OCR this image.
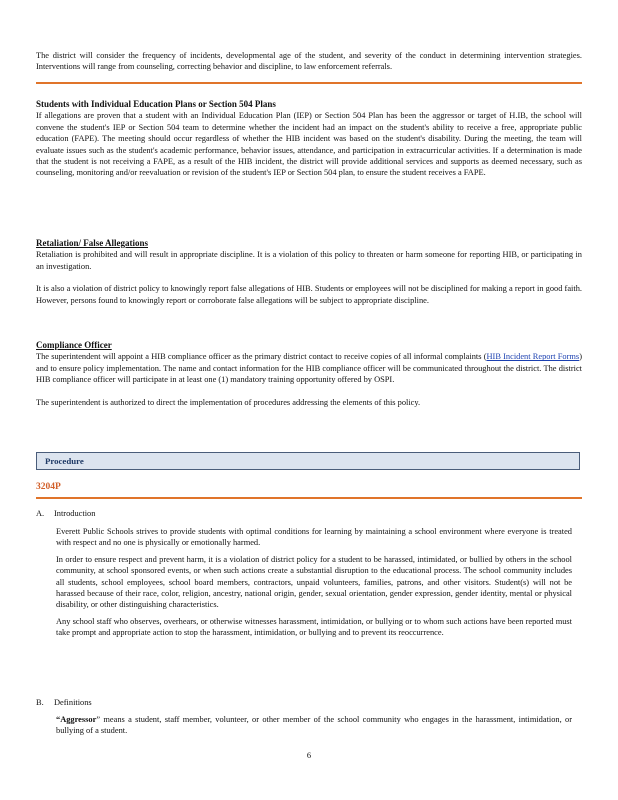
The district will consider the frequency of incidents, developmental age of the student, and severity of the conduct in determining intervention strategies. Interventions will range from counseling, correcting behavior and discipline, to law enforcement referrals.

Students with Individual Education Plans or Section 504 Plans

If allegations are proven that a student with an Individual Education Plan (IEP) or Section 504 Plan has been the aggressor or target of H.IB, the school will convene the student's IEP or Section 504 team to determine whether the incident had an impact on the student's ability to receive a free, appropriate public education (FAPE). The meeting should occur regardless of whether the HIB incident was based on the student's disability. During the meeting, the team will evaluate issues such as the student's academic performance, behavior issues, attendance, and participation in extracurricular activities. If a determination is made that the student is not receiving a FAPE, as a result of the HIB incident, the district will provide additional services and supports as deemed necessary, such as counseling, monitoring and/or reevaluation or revision of the student's IEP or Section 504 plan, to ensure the student receives a FAPE.

Retaliation/ False Allegations

Retaliation is prohibited and will result in appropriate discipline. It is a violation of this policy to threaten or harm someone for reporting HIB, or participating in an investigation.

It is also a violation of district policy to knowingly report false allegations of HIB. Students or employees will not be disciplined for making a report in good faith. However, persons found to knowingly report or corroborate false allegations will be subject to appropriate discipline.

Compliance Officer

The superintendent will appoint a HIB compliance officer as the primary district contact to receive copies of all informal complaints (HIB Incident Report Forms) and to ensure policy implementation. The name and contact information for the HIB compliance officer will be communicated throughout the district. The district HIB compliance officer will participate in at least one (1) mandatory training opportunity offered by OSPI.

The superintendent is authorized to direct the implementation of procedures addressing the elements of this policy.

Procedure
3204P
A. Introduction

Everett Public Schools strives to provide students with optimal conditions for learning by maintaining a school environment where everyone is treated with respect and no one is physically or emotionally harmed.

In order to ensure respect and prevent harm, it is a violation of district policy for a student to be harassed, intimidated, or bullied by others in the school community, at school sponsored events, or when such actions create a substantial disruption to the educational process. The school community includes all students, school employees, school board members, contractors, unpaid volunteers, families, patrons, and other visitors. Student(s) will not be harassed because of their race, color, religion, ancestry, national origin, gender, sexual orientation, gender expression, gender identity, mental or physical disability, or other distinguishing characteristics.

Any school staff who observes, overhears, or otherwise witnesses harassment, intimidation, or bullying or to whom such actions have been reported must take prompt and appropriate action to stop the harassment, intimidation, or bullying and to prevent its reoccurrence.

B. Definitions

“Aggressor” means a student, staff member, volunteer, or other member of the school community who engages in the harassment, intimidation, or bullying of a student.

6
